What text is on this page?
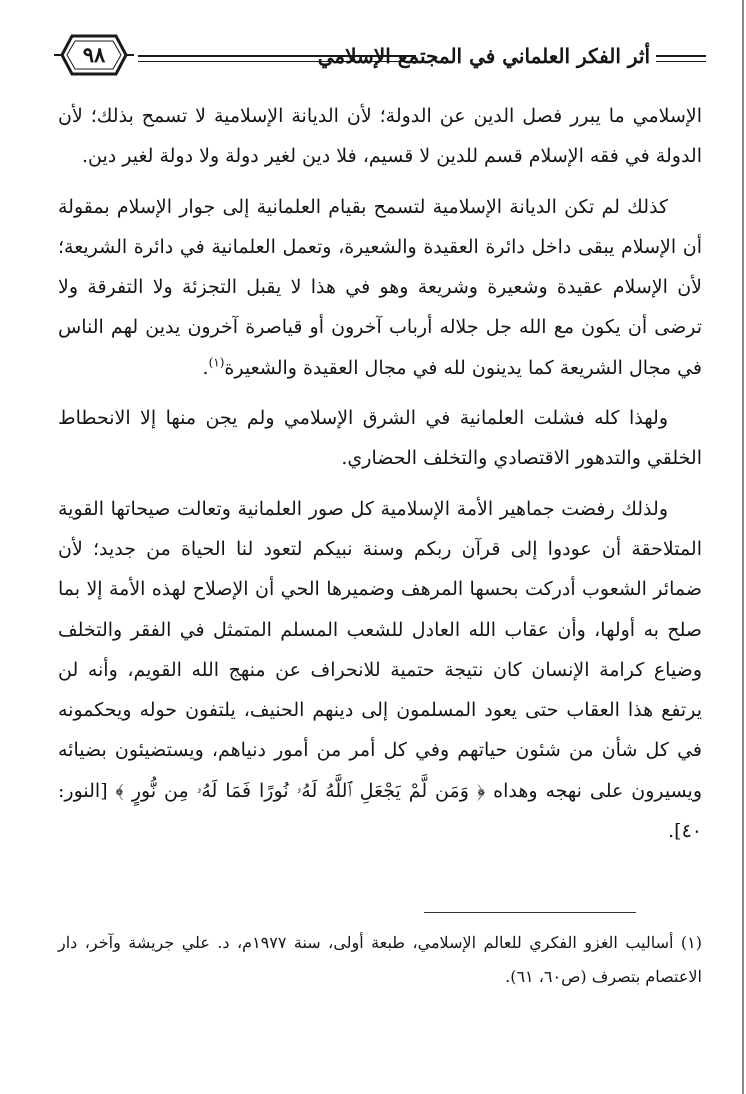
٩٨	أثر الفكر العلماني في المجتمع الإسلامي

الإسلامي ما يبرر فصل الدين عن الدولة؛ لأن الديانة الإسلامية لا تسمح بذلك؛ لأن الدولة في فقه الإسلام قسم للدين لا قسيم، فلا دين لغير دولة ولا دولة لغير دين.

كذلك لم تكن الديانة الإسلامية لتسمح بقيام العلمانية إلى جوار الإسلام بمقولة أن الإسلام يبقى داخل دائرة العقيدة والشعيرة، وتعمل العلمانية في دائرة الشريعة؛ لأن الإسلام عقيدة وشعيرة وشريعة وهو في هذا لا يقبل التجزئة ولا التفرقة ولا ترضى أن يكون مع الله جل جلاله أرباب آخرون أو قياصرة آخرون يدين لهم الناس في مجال الشريعة كما يدينون لله في مجال العقيدة والشعيرة$^{(١)}$.

ولهذا كله فشلت العلمانية في الشرق الإسلامي ولم يجن منها إلا الانحطاط الخلقي والتدهور الاقتصادي والتخلف الحضاري.

ولذلك رفضت جماهير الأمة الإسلامية كل صور العلمانية وتعالت صيحاتها القوية المتلاحقة أن عودوا إلى قرآن ربكم وسنة نبيكم لتعود لنا الحياة من جديد؛ لأن ضمائر الشعوب أدركت بحسها المرهف وضميرها الحي أن الإصلاح لهذه الأمة إلا بما صلح به أولها، وأن عقاب الله العادل للشعب المسلم المتمثل في الفقر والتخلف وضياع كرامة الإنسان كان نتيجة حتمية للانحراف عن منهج الله القويم، وأنه لن يرتفع هذا العقاب حتى يعود المسلمون إلى دينهم الحنيف، يلتفون حوله ويحكمونه في كل شأن من شئون حياتهم وفي كل أمر من أمور دنياهم، ويستضيئون بضيائه ويسيرون على نهجه وهداه ﴿ وَمَن لَّمْ يَجْعَلِ ٱللَّهُ لَهُۥ نُورًا فَمَا لَهُۥ مِن نُّورٍ ﴾ [النور: ٤٠].

(١) أساليب الغزو الفكري للعالم الإسلامي، طبعة أولى، سنة ١٩٧٧م، د. علي جريشة وآخر، دار الاعتصام بتصرف (ص٦٠، ٦١).
